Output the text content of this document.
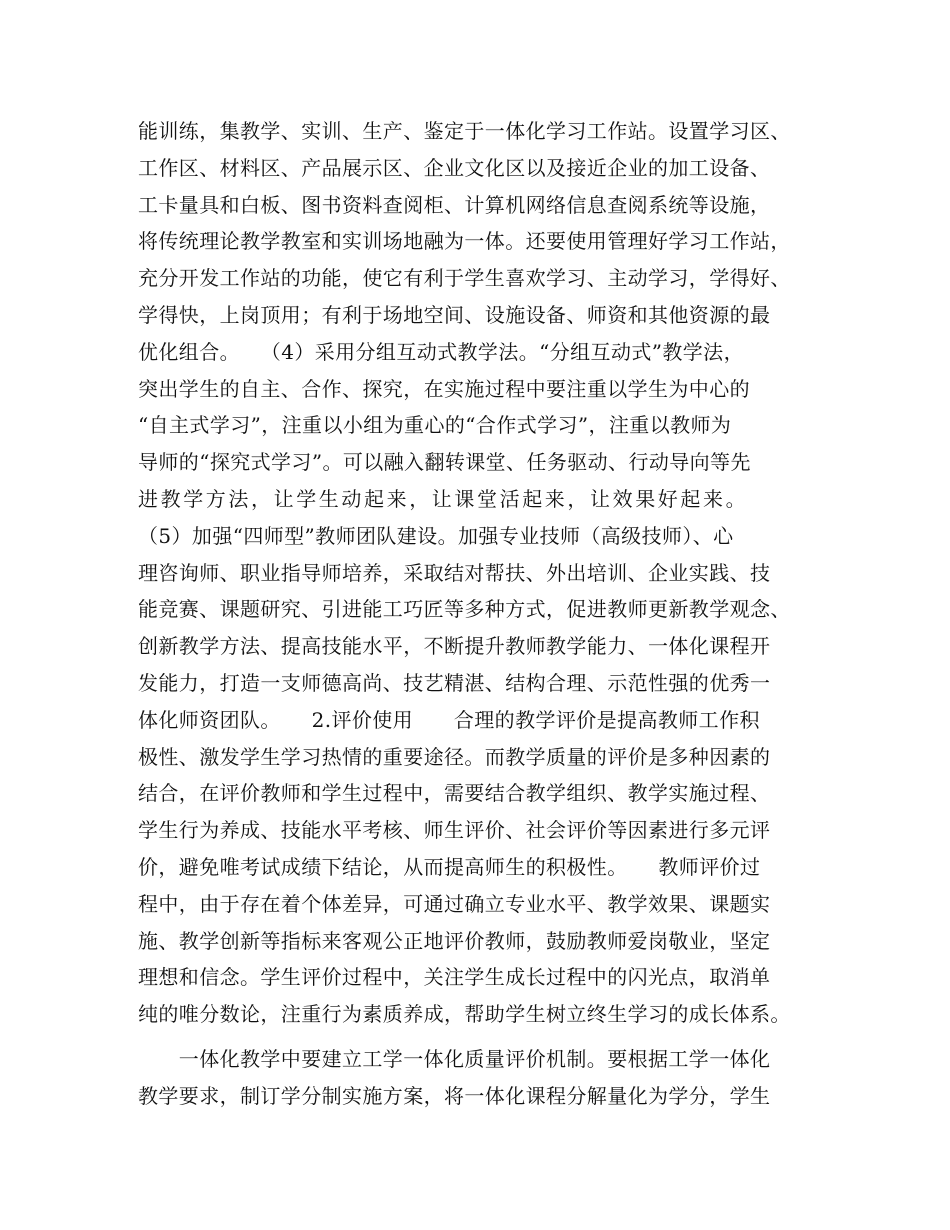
能训练，集教学、实训、生产、鉴定于一体化学习工作站。设置学习区、
工作区、材料区、产品展示区、企业文化区以及接近企业的加工设备、
工卡量具和白板、图书资料查阅柜、计算机网络信息查阅系统等设施，
将传统理论教学教室和实训场地融为一体。还要使用管理好学习工作站，
充分开发工作站的功能，使它有利于学生喜欢学习、主动学习，学得好、
学得快，上岗顶用；有利于场地空间、设施设备、师资和其他资源的最
优化组合。　　（4）采用分组互动式教学法。“分组互动式”教学法，
突出学生的自主、合作、探究，在实施过程中要注重以学生为中心的
“自主式学习”，注重以小组为重心的“合作式学习”，注重以教师为
导师的“探究式学习”。可以融入翻转课堂、任务驱动、行动导向等先
进教学方法，让学生动起来，让课堂活起来，让效果好起来。
（5）加强“四师型”教师团队建设。加强专业技师（高级技师）、心
理咨询师、职业指导师培养，采取结对帮扶、外出培训、企业实践、技
能竞赛、课题研究、引进能工巧匠等多种方式，促进教师更新教学观念、
创新教学方法、提高技能水平，不断提升教师教学能力、一体化课程开
发能力，打造一支师德高尚、技艺精湛、结构合理、示范性强的优秀一
体化师资团队。　　2.评价使用　　合理的教学评价是提高教师工作积
极性、激发学生学习热情的重要途径。而教学质量的评价是多种因素的
结合，在评价教师和学生过程中，需要结合教学组织、教学实施过程、
学生行为养成、技能水平考核、师生评价、社会评价等因素进行多元评
价，避免唯考试成绩下结论，从而提高师生的积极性。　　教师评价过
程中，由于存在着个体差异，可通过确立专业水平、教学效果、课题实
施、教学创新等指标来客观公正地评价教师，鼓励教师爱岗敬业，坚定
理想和信念。学生评价过程中，关注学生成长过程中的闪光点，取消单
纯的唯分数论，注重行为素质养成，帮助学生树立终生学习的成长体系。
　　一体化教学中要建立工学一体化质量评价机制。要根据工学一体化
教学要求，制订学分制实施方案，将一体化课程分解量化为学分，学生
